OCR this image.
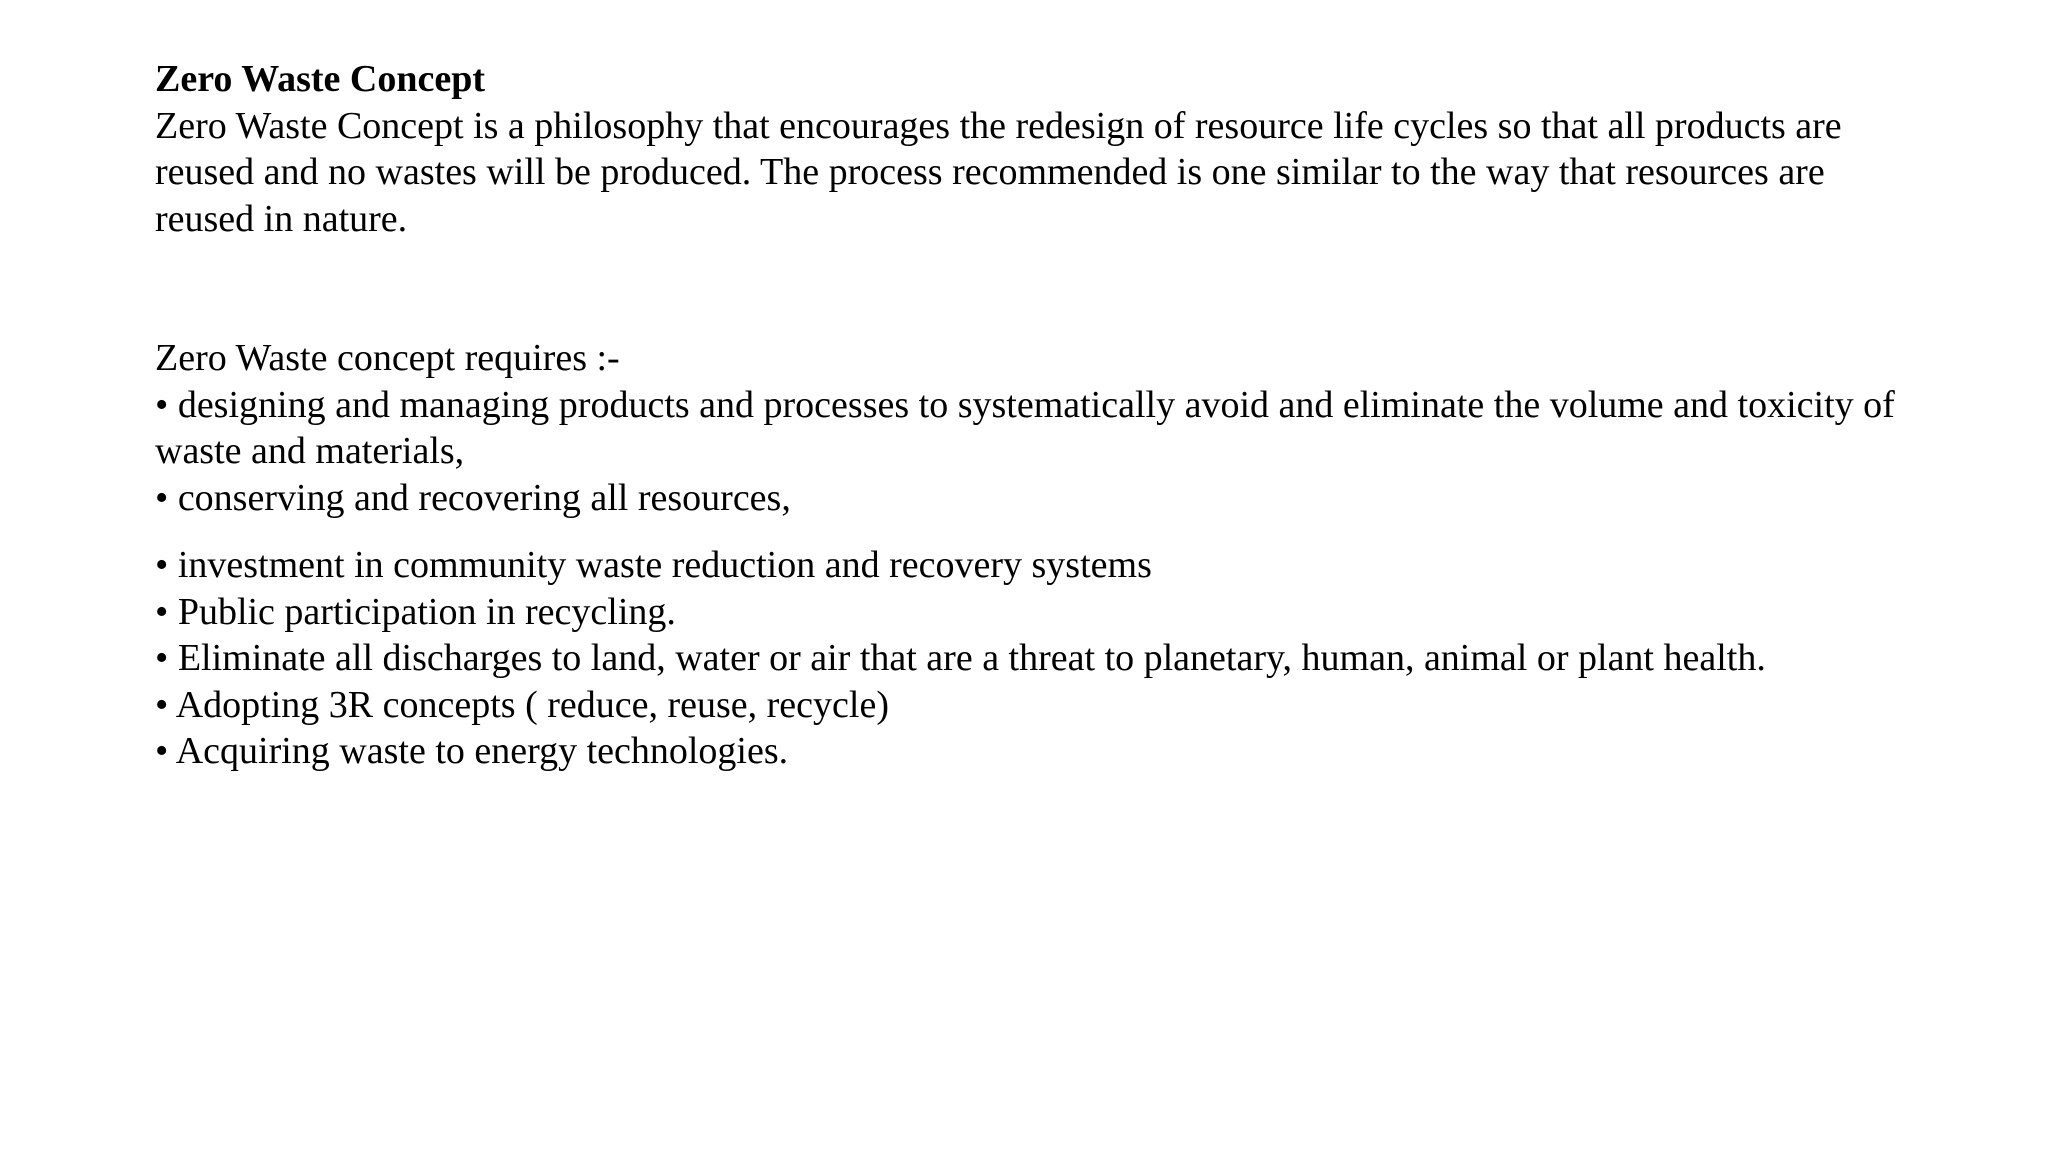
Zero Waste Concept

Zero Waste Concept is a philosophy that encourages the redesign of resource life cycles so that all products are reused and no wastes will be produced. The process recommended is one similar to the way that resources are reused in nature.

Zero Waste concept requires :-

• designing and managing products and processes to systematically avoid and eliminate the volume and toxicity of waste and materials,
• conserving and recovering all resources,
• investment in community waste reduction and recovery systems
• Public participation in recycling.
• Eliminate all discharges to land, water or air that are a threat to planetary, human, animal or plant health.
• Adopting 3R concepts ( reduce, reuse, recycle)
• Acquiring waste to energy technologies.
